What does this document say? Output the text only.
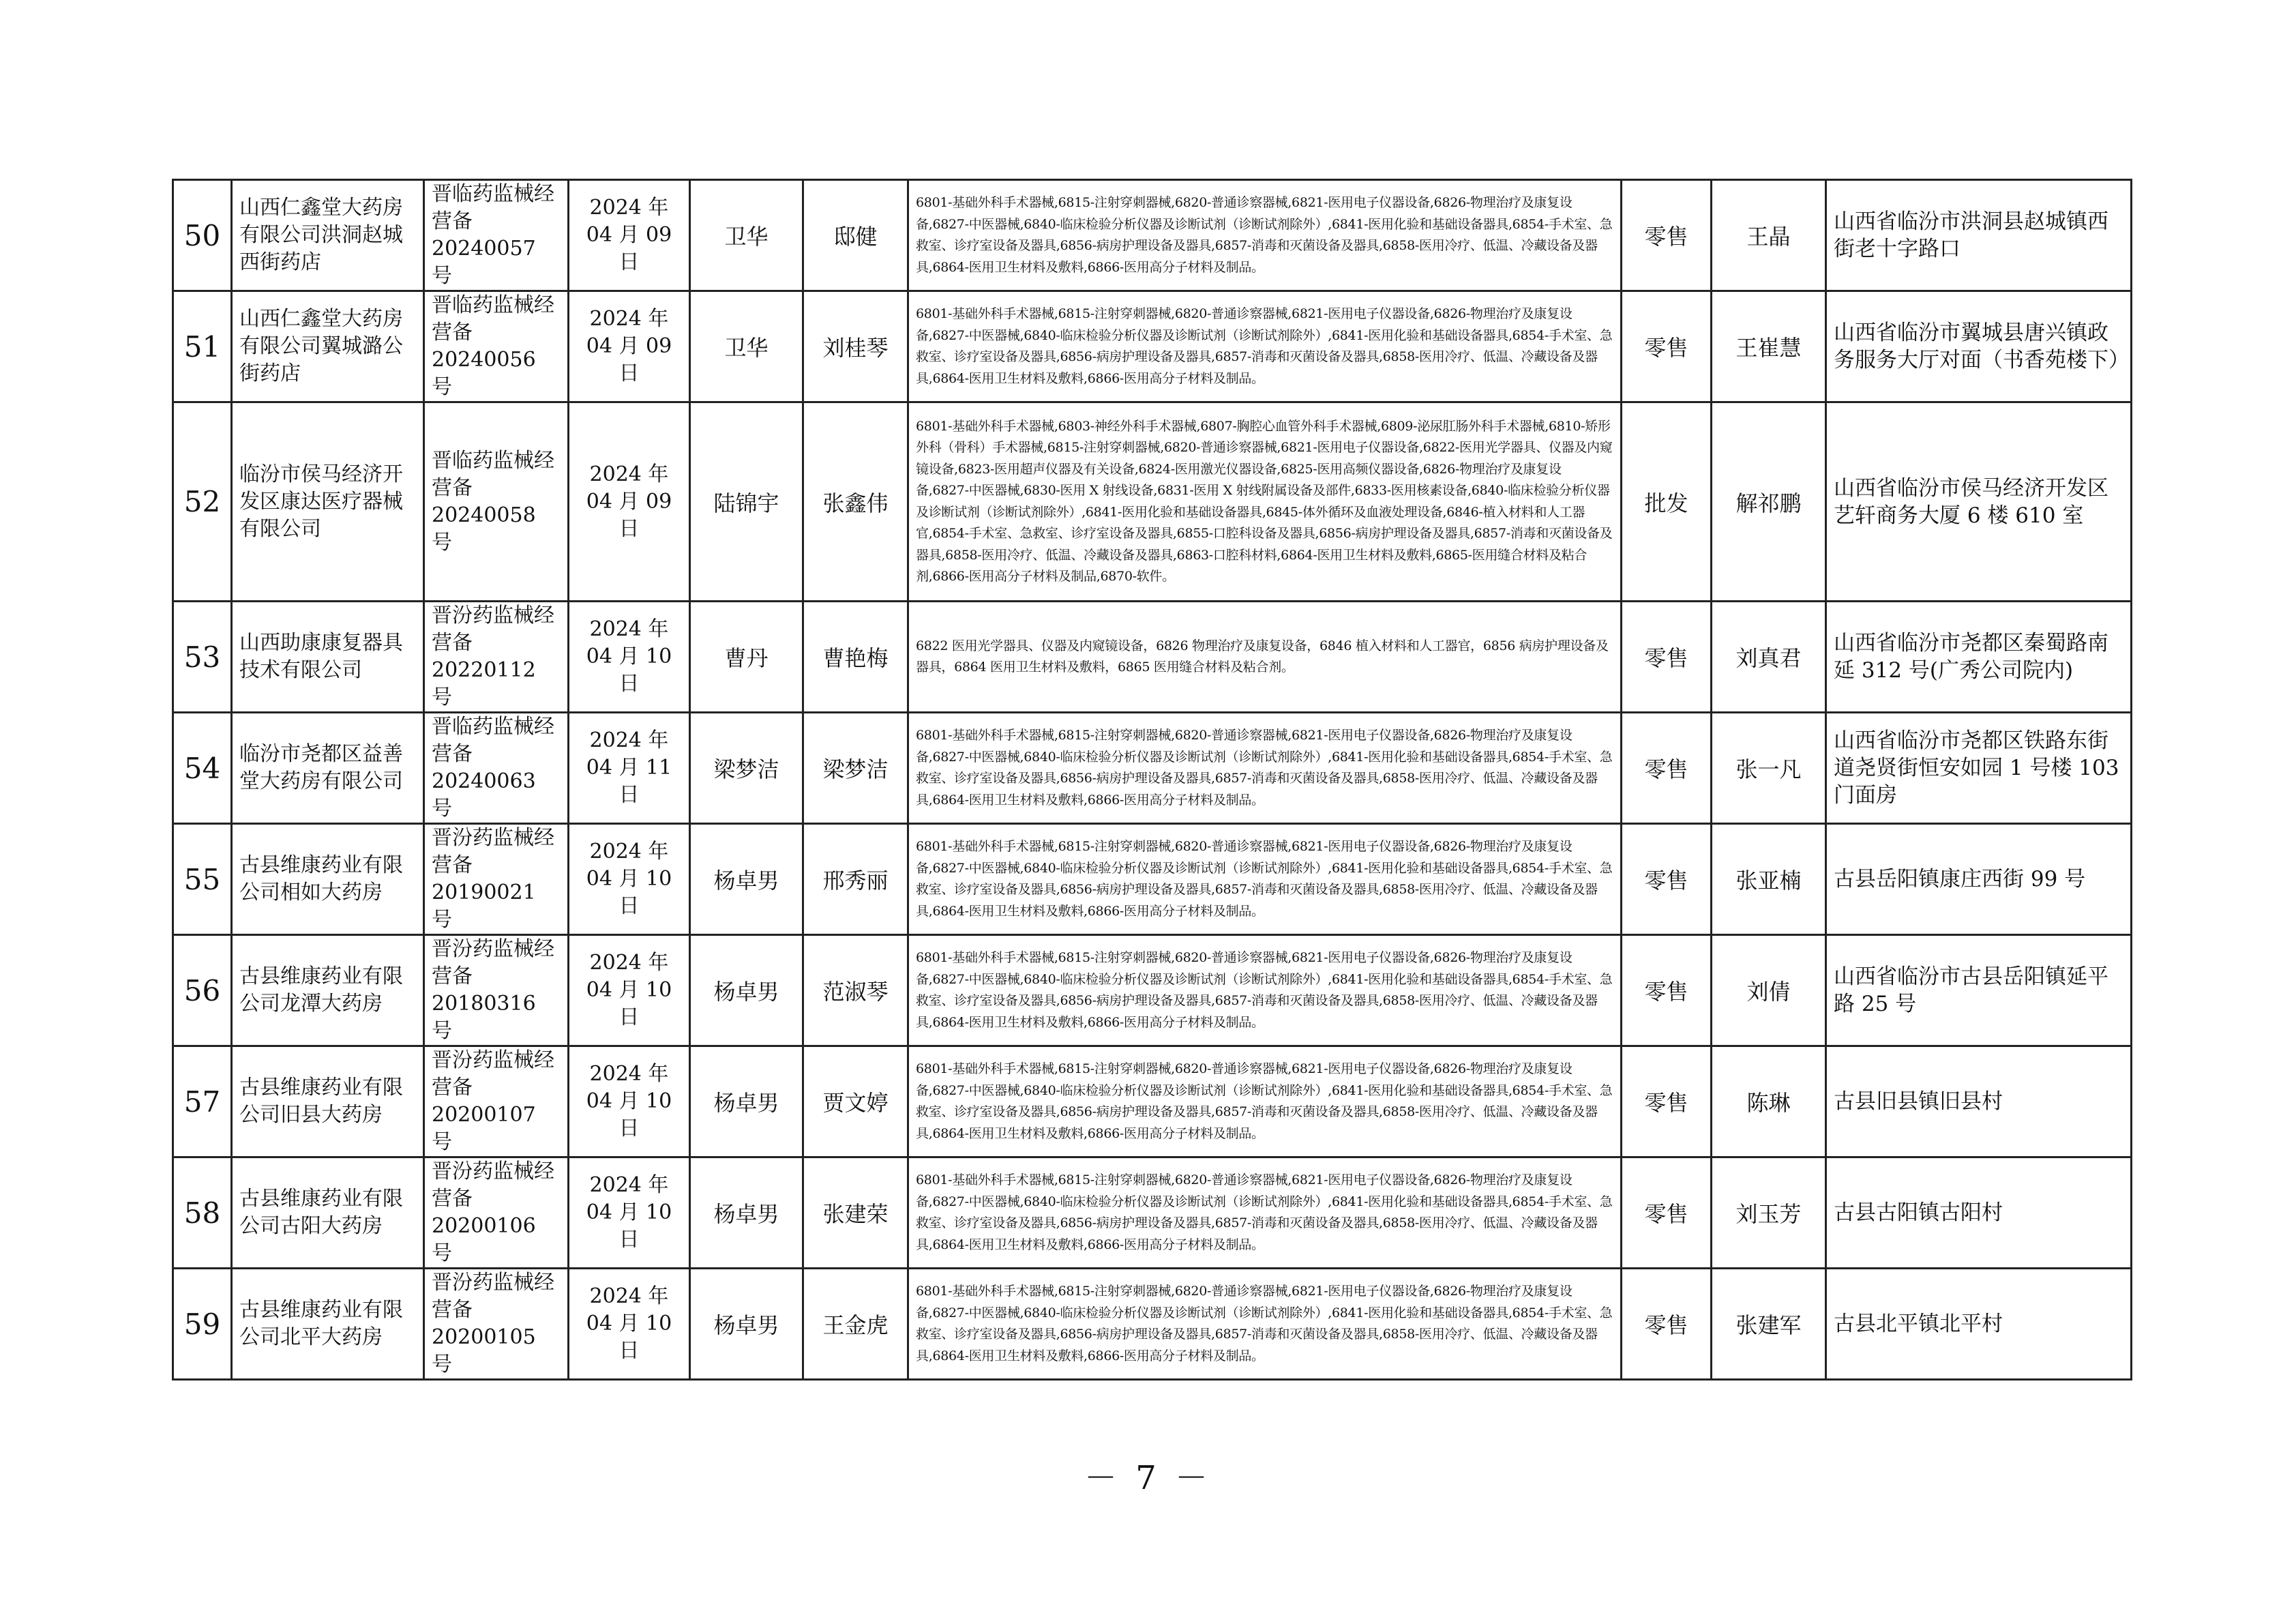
50	山西仁鑫堂大药房有限公司洪洞赵城西街药店	晋临药监械经营备 20240057 号	2024 年 04 月 09 日	卫华	邸健	6801-基础外科手术器械,6815-注射穿刺器械,6820-普通诊察器械,6821-医用电子仪器设备,6826-物理治疗及康复设备,6827-中医器械,6840-临床检验分析仪器及诊断试剂（诊断试剂除外）,6841-医用化验和基础设备器具,6854-手术室、急救室、诊疗室设备及器具,6856-病房护理设备及器具,6857-消毒和灭菌设备及器具,6858-医用冷疗、低温、冷藏设备及器具,6864-医用卫生材料及敷料,6866-医用高分子材料及制品。	零售	王晶	山西省临汾市洪洞县赵城镇西街老十字路口
51	山西仁鑫堂大药房有限公司翼城潞公街药店	晋临药监械经营备 20240056 号	2024 年 04 月 09 日	卫华	刘桂琴	6801-基础外科手术器械,6815-注射穿刺器械,6820-普通诊察器械,6821-医用电子仪器设备,6826-物理治疗及康复设备,6827-中医器械,6840-临床检验分析仪器及诊断试剂（诊断试剂除外）,6841-医用化验和基础设备器具,6854-手术室、急救室、诊疗室设备及器具,6856-病房护理设备及器具,6857-消毒和灭菌设备及器具,6858-医用冷疗、低温、冷藏设备及器具,6864-医用卫生材料及敷料,6866-医用高分子材料及制品。	零售	王崔慧	山西省临汾市翼城县唐兴镇政务服务大厅对面（书香苑楼下）
52	临汾市侯马经济开发区康达医疗器械有限公司	晋临药监械经营备 20240058 号	2024 年 04 月 09 日	陆锦宇	张鑫伟	6801-基础外科手术器械,6803-神经外科手术器械,6807-胸腔心血管外科手术器械,6809-泌尿肛肠外科手术器械,6810-矫形外科（骨科）手术器械,6815-注射穿刺器械,6820-普通诊察器械,6821-医用电子仪器设备,6822-医用光学器具、仪器及内窥镜设备,6823-医用超声仪器及有关设备,6824-医用激光仪器设备,6825-医用高频仪器设备,6826-物理治疗及康复设备,6827-中医器械,6830-医用 X 射线设备,6831-医用 X 射线附属设备及部件,6833-医用核素设备,6840-临床检验分析仪器及诊断试剂（诊断试剂除外）,6841-医用化验和基础设备器具,6845-体外循环及血液处理设备,6846-植入材料和人工器官,6854-手术室、急救室、诊疗室设备及器具,6855-口腔科设备及器具,6856-病房护理设备及器具,6857-消毒和灭菌设备及器具,6858-医用冷疗、低温、冷藏设备及器具,6863-口腔科材料,6864-医用卫生材料及敷料,6865-医用缝合材料及粘合剂,6866-医用高分子材料及制品,6870-软件。	批发	解祁鹏	山西省临汾市侯马经济开发区艺轩商务大厦 6 楼 610 室
53	山西助康康复器具技术有限公司	晋汾药监械经营备 20220112 号	2024 年 04 月 10 日	曹丹	曹艳梅	6822 医用光学器具、仪器及内窥镜设备，6826 物理治疗及康复设备，6846 植入材料和人工器官，6856 病房护理设备及器具，6864 医用卫生材料及敷料，6865 医用缝合材料及粘合剂。	零售	刘真君	山西省临汾市尧都区秦蜀路南延 312 号(广秀公司院内)
54	临汾市尧都区益善堂大药房有限公司	晋临药监械经营备 20240063 号	2024 年 04 月 11 日	梁梦洁	梁梦洁	6801-基础外科手术器械,6815-注射穿刺器械,6820-普通诊察器械,6821-医用电子仪器设备,6826-物理治疗及康复设备,6827-中医器械,6840-临床检验分析仪器及诊断试剂（诊断试剂除外）,6841-医用化验和基础设备器具,6854-手术室、急救室、诊疗室设备及器具,6856-病房护理设备及器具,6857-消毒和灭菌设备及器具,6858-医用冷疗、低温、冷藏设备及器具,6864-医用卫生材料及敷料,6866-医用高分子材料及制品。	零售	张一凡	山西省临汾市尧都区铁路东街道尧贤街恒安如园 1 号楼 103 门面房
55	古县维康药业有限公司相如大药房	晋汾药监械经营备 20190021 号	2024 年 04 月 10 日	杨卓男	邢秀丽	6801-基础外科手术器械,6815-注射穿刺器械,6820-普通诊察器械,6821-医用电子仪器设备,6826-物理治疗及康复设备,6827-中医器械,6840-临床检验分析仪器及诊断试剂（诊断试剂除外）,6841-医用化验和基础设备器具,6854-手术室、急救室、诊疗室设备及器具,6856-病房护理设备及器具,6857-消毒和灭菌设备及器具,6858-医用冷疗、低温、冷藏设备及器具,6864-医用卫生材料及敷料,6866-医用高分子材料及制品。	零售	张亚楠	古县岳阳镇康庄西街 99 号
56	古县维康药业有限公司龙潭大药房	晋汾药监械经营备 20180316 号	2024 年 04 月 10 日	杨卓男	范淑琴	6801-基础外科手术器械,6815-注射穿刺器械,6820-普通诊察器械,6821-医用电子仪器设备,6826-物理治疗及康复设备,6827-中医器械,6840-临床检验分析仪器及诊断试剂（诊断试剂除外）,6841-医用化验和基础设备器具,6854-手术室、急救室、诊疗室设备及器具,6856-病房护理设备及器具,6857-消毒和灭菌设备及器具,6858-医用冷疗、低温、冷藏设备及器具,6864-医用卫生材料及敷料,6866-医用高分子材料及制品。	零售	刘倩	山西省临汾市古县岳阳镇延平路 25 号
57	古县维康药业有限公司旧县大药房	晋汾药监械经营备 20200107 号	2024 年 04 月 10 日	杨卓男	贾文婷	6801-基础外科手术器械,6815-注射穿刺器械,6820-普通诊察器械,6821-医用电子仪器设备,6826-物理治疗及康复设备,6827-中医器械,6840-临床检验分析仪器及诊断试剂（诊断试剂除外）,6841-医用化验和基础设备器具,6854-手术室、急救室、诊疗室设备及器具,6856-病房护理设备及器具,6857-消毒和灭菌设备及器具,6858-医用冷疗、低温、冷藏设备及器具,6864-医用卫生材料及敷料,6866-医用高分子材料及制品。	零售	陈琳	古县旧县镇旧县村
58	古县维康药业有限公司古阳大药房	晋汾药监械经营备 20200106 号	2024 年 04 月 10 日	杨卓男	张建荣	6801-基础外科手术器械,6815-注射穿刺器械,6820-普通诊察器械,6821-医用电子仪器设备,6826-物理治疗及康复设备,6827-中医器械,6840-临床检验分析仪器及诊断试剂（诊断试剂除外）,6841-医用化验和基础设备器具,6854-手术室、急救室、诊疗室设备及器具,6856-病房护理设备及器具,6857-消毒和灭菌设备及器具,6858-医用冷疗、低温、冷藏设备及器具,6864-医用卫生材料及敷料,6866-医用高分子材料及制品。	零售	刘玉芳	古县古阳镇古阳村
59	古县维康药业有限公司北平大药房	晋汾药监械经营备 20200105 号	2024 年 04 月 10 日	杨卓男	王金虎	6801-基础外科手术器械,6815-注射穿刺器械,6820-普通诊察器械,6821-医用电子仪器设备,6826-物理治疗及康复设备,6827-中医器械,6840-临床检验分析仪器及诊断试剂（诊断试剂除外）,6841-医用化验和基础设备器具,6854-手术室、急救室、诊疗室设备及器具,6856-病房护理设备及器具,6857-消毒和灭菌设备及器具,6858-医用冷疗、低温、冷藏设备及器具,6864-医用卫生材料及敷料,6866-医用高分子材料及制品。	零售	张建军	古县北平镇北平村
－ 7 －
